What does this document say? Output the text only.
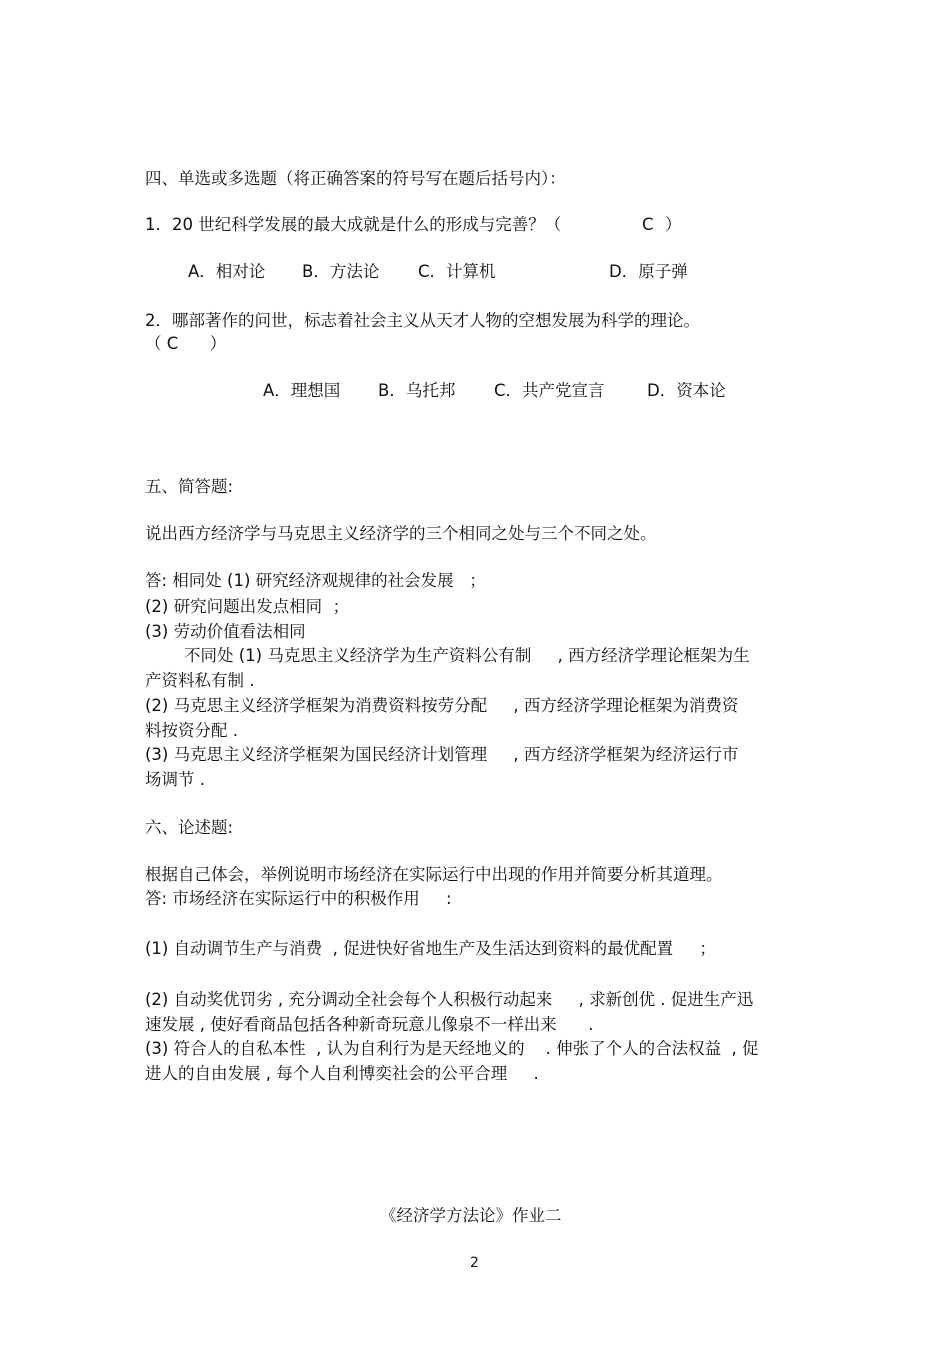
四、单选或多选题（将正确答案的符号写在题后括号内）：
1．20 世纪科学发展的最大成就是什么的形成与完善？（	C ）
A．相对论 B．方法论 C．计算机	D．原子弹
2．哪部著作的问世，标志着社会主义从天才人物的空想发展为科学的理论。
（ C      ）
A．理想国 B．乌托邦 C．共产党宣言	D．资本论
五、简答题:
说出西方经济学与马克思主义经济学的三个相同之处与三个不同之处。
答: 相同处 (1) 研究经济观规律的社会发展   ；
(2) 研究问题出发点相同  ；
(3) 劳动价值看法相同
不同处 (1) 马克思主义经济学为生产资料公有制     , 西方经济学理论框架为生
产资料私有制 .
(2) 马克思主义经济学框架为消费资料按劳分配     , 西方经济学理论框架为消费资
料按资分配 .
(3) 马克思主义经济学框架为国民经济计划管理     , 西方经济学框架为经济运行市
场调节 .
六、论述题:
根据自己体会，举例说明市场经济在实际运行中出现的作用并简要分析其道理。
答: 市场经济在实际运行中的积极作用     :
(1) 自动调节生产与消费  , 促进快好省地生产及生活达到资料的最优配置     ；
(2) 自动奖优罚劣 , 充分调动全社会每个人积极行动起来     , 求新创优 . 促进生产迅
速发展 , 使好看商品包括各种新奇玩意儿像泉不一样出来      .
(3) 符合人的自私本性  , 认为自利行为是天经地义的    . 伸张了个人的合法权益  , 促
进人的自由发展 , 每个人自利博奕社会的公平合理     .
《经济学方法论》作业二
2
